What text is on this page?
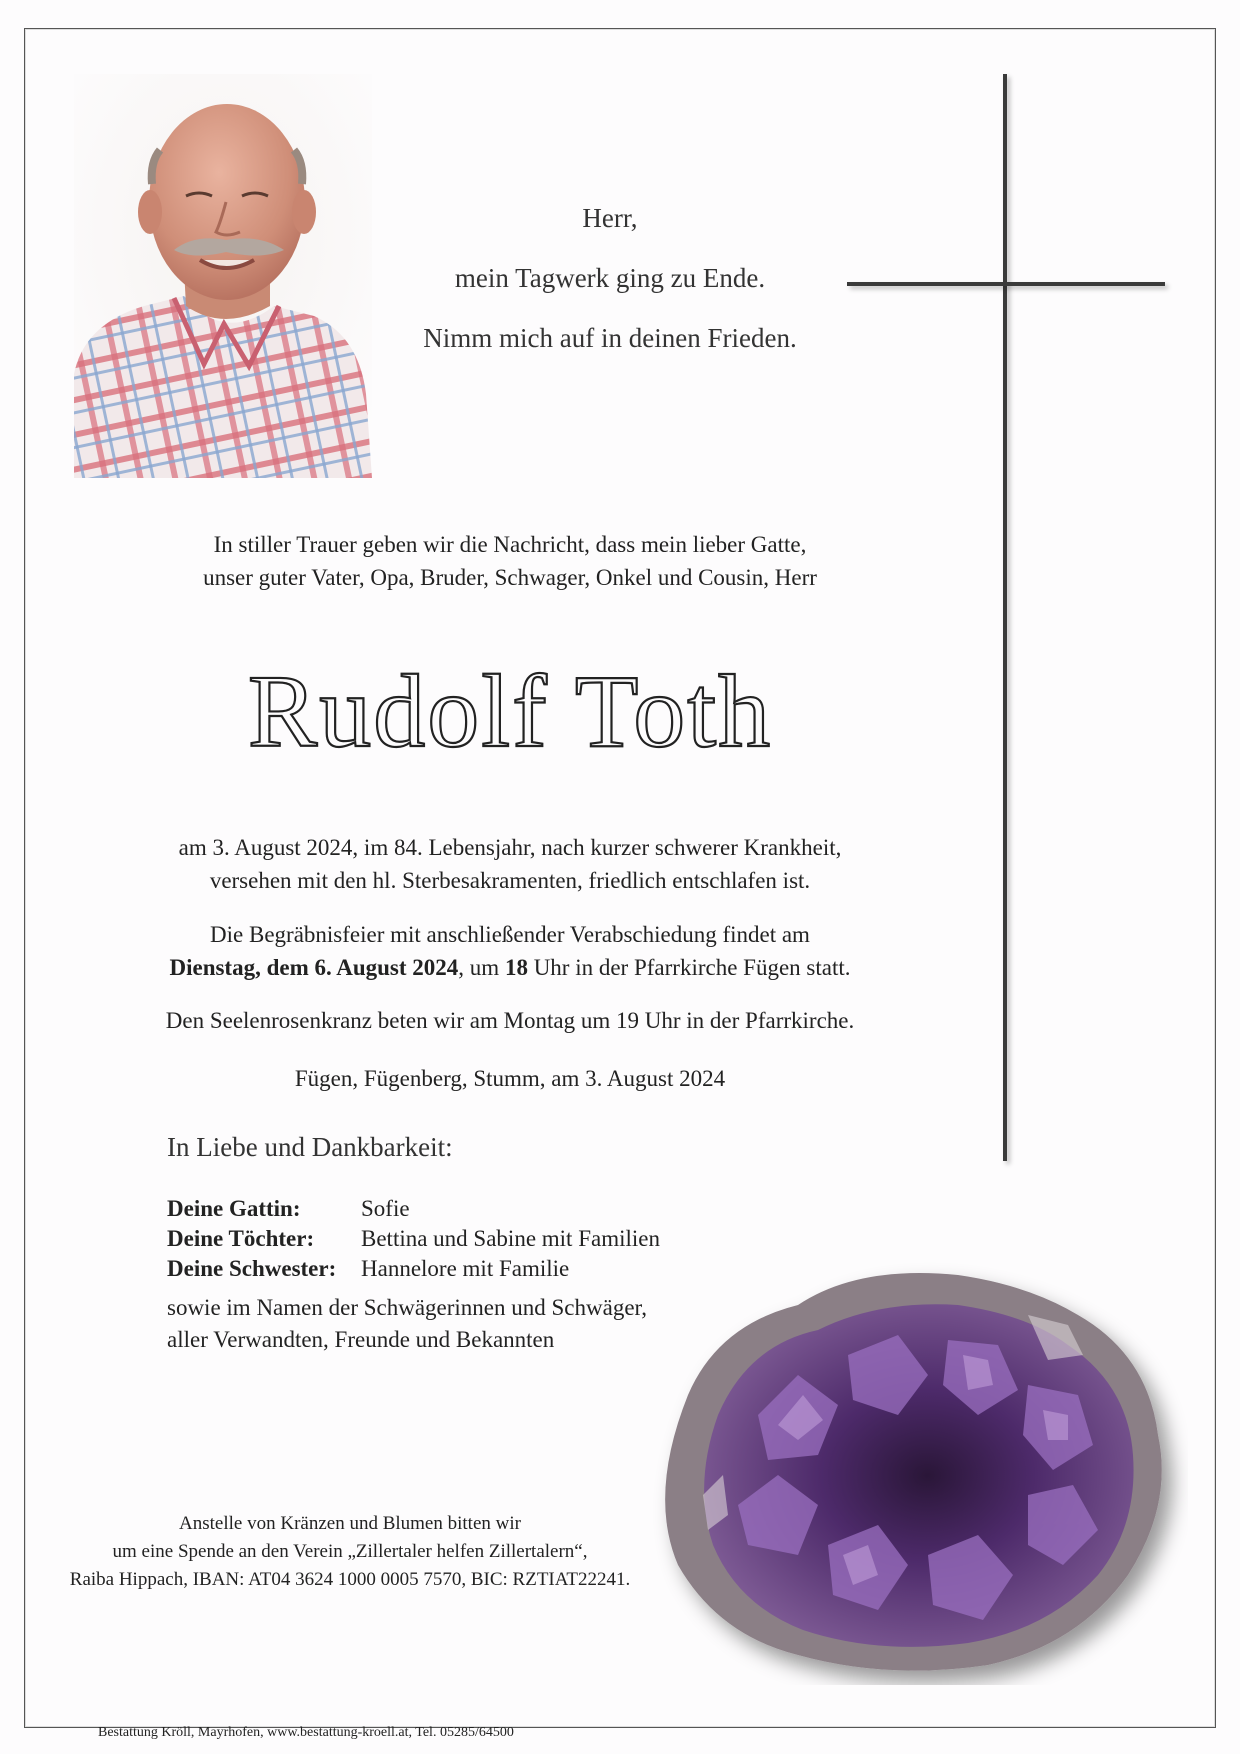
Herr,
mein Tagwerk ging zu Ende.
Nimm mich auf in deinen Frieden.
In stiller Trauer geben wir die Nachricht, dass mein lieber Gatte,
unser guter Vater, Opa, Bruder, Schwager, Onkel und Cousin, Herr
Rudolf Toth
am 3. August 2024, im 84. Lebensjahr, nach kurzer schwerer Krankheit,
versehen mit den hl. Sterbesakramenten, friedlich entschlafen ist.
Die Begräbnisfeier mit anschließender Verabschiedung findet am
Dienstag, dem 6. August 2024, um 18 Uhr in der Pfarrkirche Fügen statt.
Den Seelenrosenkranz beten wir am Montag um 19 Uhr in der Pfarrkirche.
Fügen, Fügenberg, Stumm, am 3. August 2024
In Liebe und Dankbarkeit:
Deine Gattin:	Sofie
Deine Töchter:	Bettina und Sabine mit Familien
Deine Schwester:	Hannelore mit Familie
sowie im Namen der Schwägerinnen und Schwäger,
aller Verwandten, Freunde und Bekannten
Anstelle von Kränzen und Blumen bitten wir
um eine Spende an den Verein „Zillertaler helfen Zillertalern“,
Raiba Hippach, IBAN: AT04 3624 1000 0005 7570, BIC: RZTIAT22241.
Bestattung Kröll, Mayrhofen, www.bestattung-kroell.at, Tel. 05285/64500
